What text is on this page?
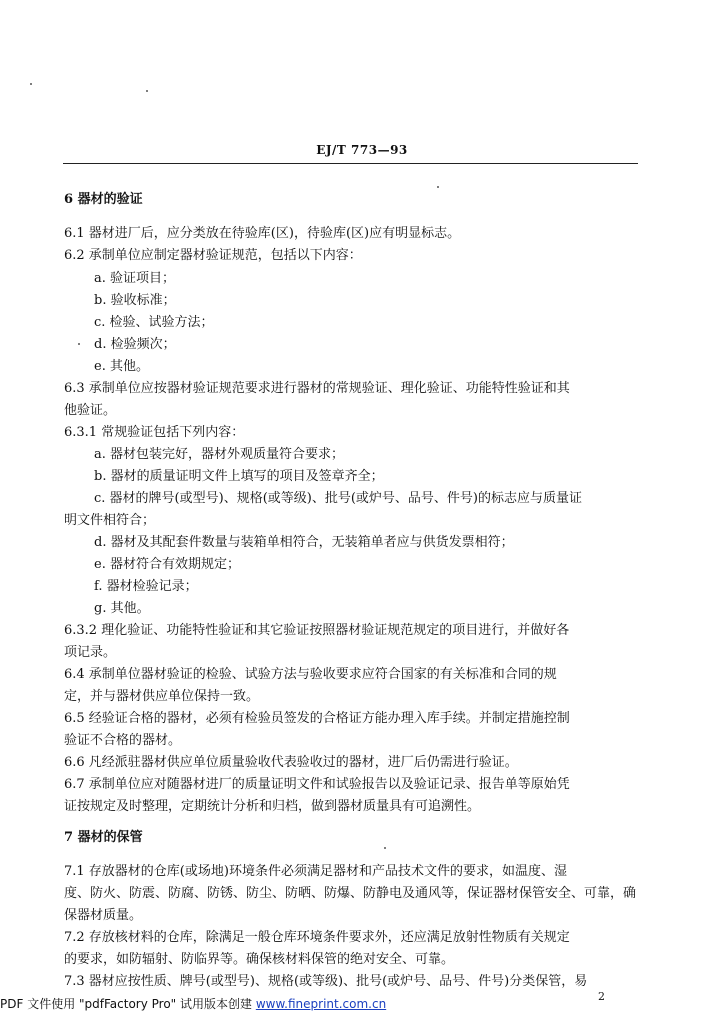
EJ/T 773—93
6 器材的验证
6.1 器材进厂后，应分类放在待验库(区)，待验库(区)应有明显标志。
6.2 承制单位应制定器材验证规范，包括以下内容：
a. 验证项目；
b. 验收标准；
c. 检验、试验方法；
d. 检验频次；
e. 其他。
6.3 承制单位应按器材验证规范要求进行器材的常规验证、理化验证、功能特性验证和其
他验证。
6.3.1 常规验证包括下列内容：
a. 器材包装完好，器材外观质量符合要求；
b. 器材的质量证明文件上填写的项目及签章齐全；
c. 器材的牌号(或型号)、规格(或等级)、批号(或炉号、品号、件号)的标志应与质量证
明文件相符合；
d. 器材及其配套件数量与装箱单相符合，无装箱单者应与供货发票相符；
e. 器材符合有效期规定；
f. 器材检验记录；
g. 其他。
6.3.2 理化验证、功能特性验证和其它验证按照器材验证规范规定的项目进行，并做好各
项记录。
6.4 承制单位器材验证的检验、试验方法与验收要求应符合国家的有关标准和合同的规
定，并与器材供应单位保持一致。
6.5 经验证合格的器材，必须有检验员签发的合格证方能办理入库手续。并制定措施控制
验证不合格的器材。
6.6 凡经派驻器材供应单位质量验收代表验收过的器材，进厂后仍需进行验证。
6.7 承制单位应对随器材进厂的质量证明文件和试验报告以及验证记录、报告单等原始凭
证按规定及时整理，定期统计分析和归档，做到器材质量具有可追溯性。
7 器材的保管
7.1 存放器材的仓库(或场地)环境条件必须满足器材和产品技术文件的要求，如温度、湿
度、防火、防震、防腐、防锈、防尘、防晒、防爆、防静电及通风等，保证器材保管安全、可靠，确
保器材质量。
7.2 存放核材料的仓库，除满足一般仓库环境条件要求外，还应满足放射性物质有关规定
的要求，如防辐射、防临界等。确保核材料保管的绝对安全、可靠。
7.3 器材应按性质、牌号(或型号)、规格(或等级)、批号(或炉号、品号、件号)分类保管，易
2
PDF 文件使用 "pdfFactory Pro" 试用版本创建 www.fineprint.com.cn
